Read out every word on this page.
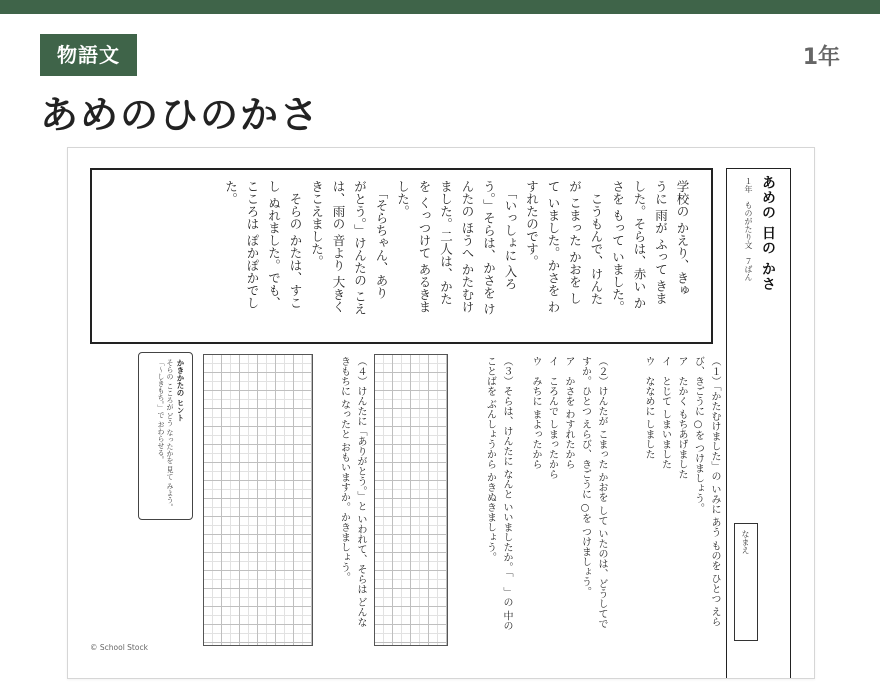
物語文	1年
あめのひのかさ
学校の かえり、きゅ
うに 雨が ふって きま
した。そらは、赤い か
さを もって いました。
　こうもんで、けんた
が こまった かおを し
て いました。かさを わ
すれたのです。
　「いっしょに 入ろ
う。」そらは、かさを け
んたの ほうへ かたむけ
ました。二人は、かた
を くっつけて あるきま
した。
　「そらちゃん、あり
がとう。」けんたの こえ
は、雨の 音より 大きく
きこえました。
　そらの かたは、すこ
し ぬれました。でも、
こころは ぽかぽかでし
た。	あめの 日の かさ
１年　ものがたり文　７ばん
なまえ
（１）「かたむけました」の いみに あう ものを ひとつ えら
び、きごうに ○を つけましょう。
ア　たかく もちあげました
イ　とじて しまいました
ウ　ななめに しました
（２）けんたが こまった かおを して いたのは、どうしてで
すか。ひとつ えらび、きごうに ○を つけましょう。
ア　かさを わすれたから
イ　ころんで しまったから
ウ　みちに まよったから
（３）そらは、けんたに なんと いいましたか。「　」の 中の
ことばを ぶんしょうから かきぬきましょう。
（４）けんたに「ありがとう。」と いわれて、そらは どんな
きもちに なったと おもいますか。かきましょう。
かきかたの ヒント
そらの こころが どう なったかを 見て みよう。
「〜しきもち。」で おわらせる。
© School Stock
